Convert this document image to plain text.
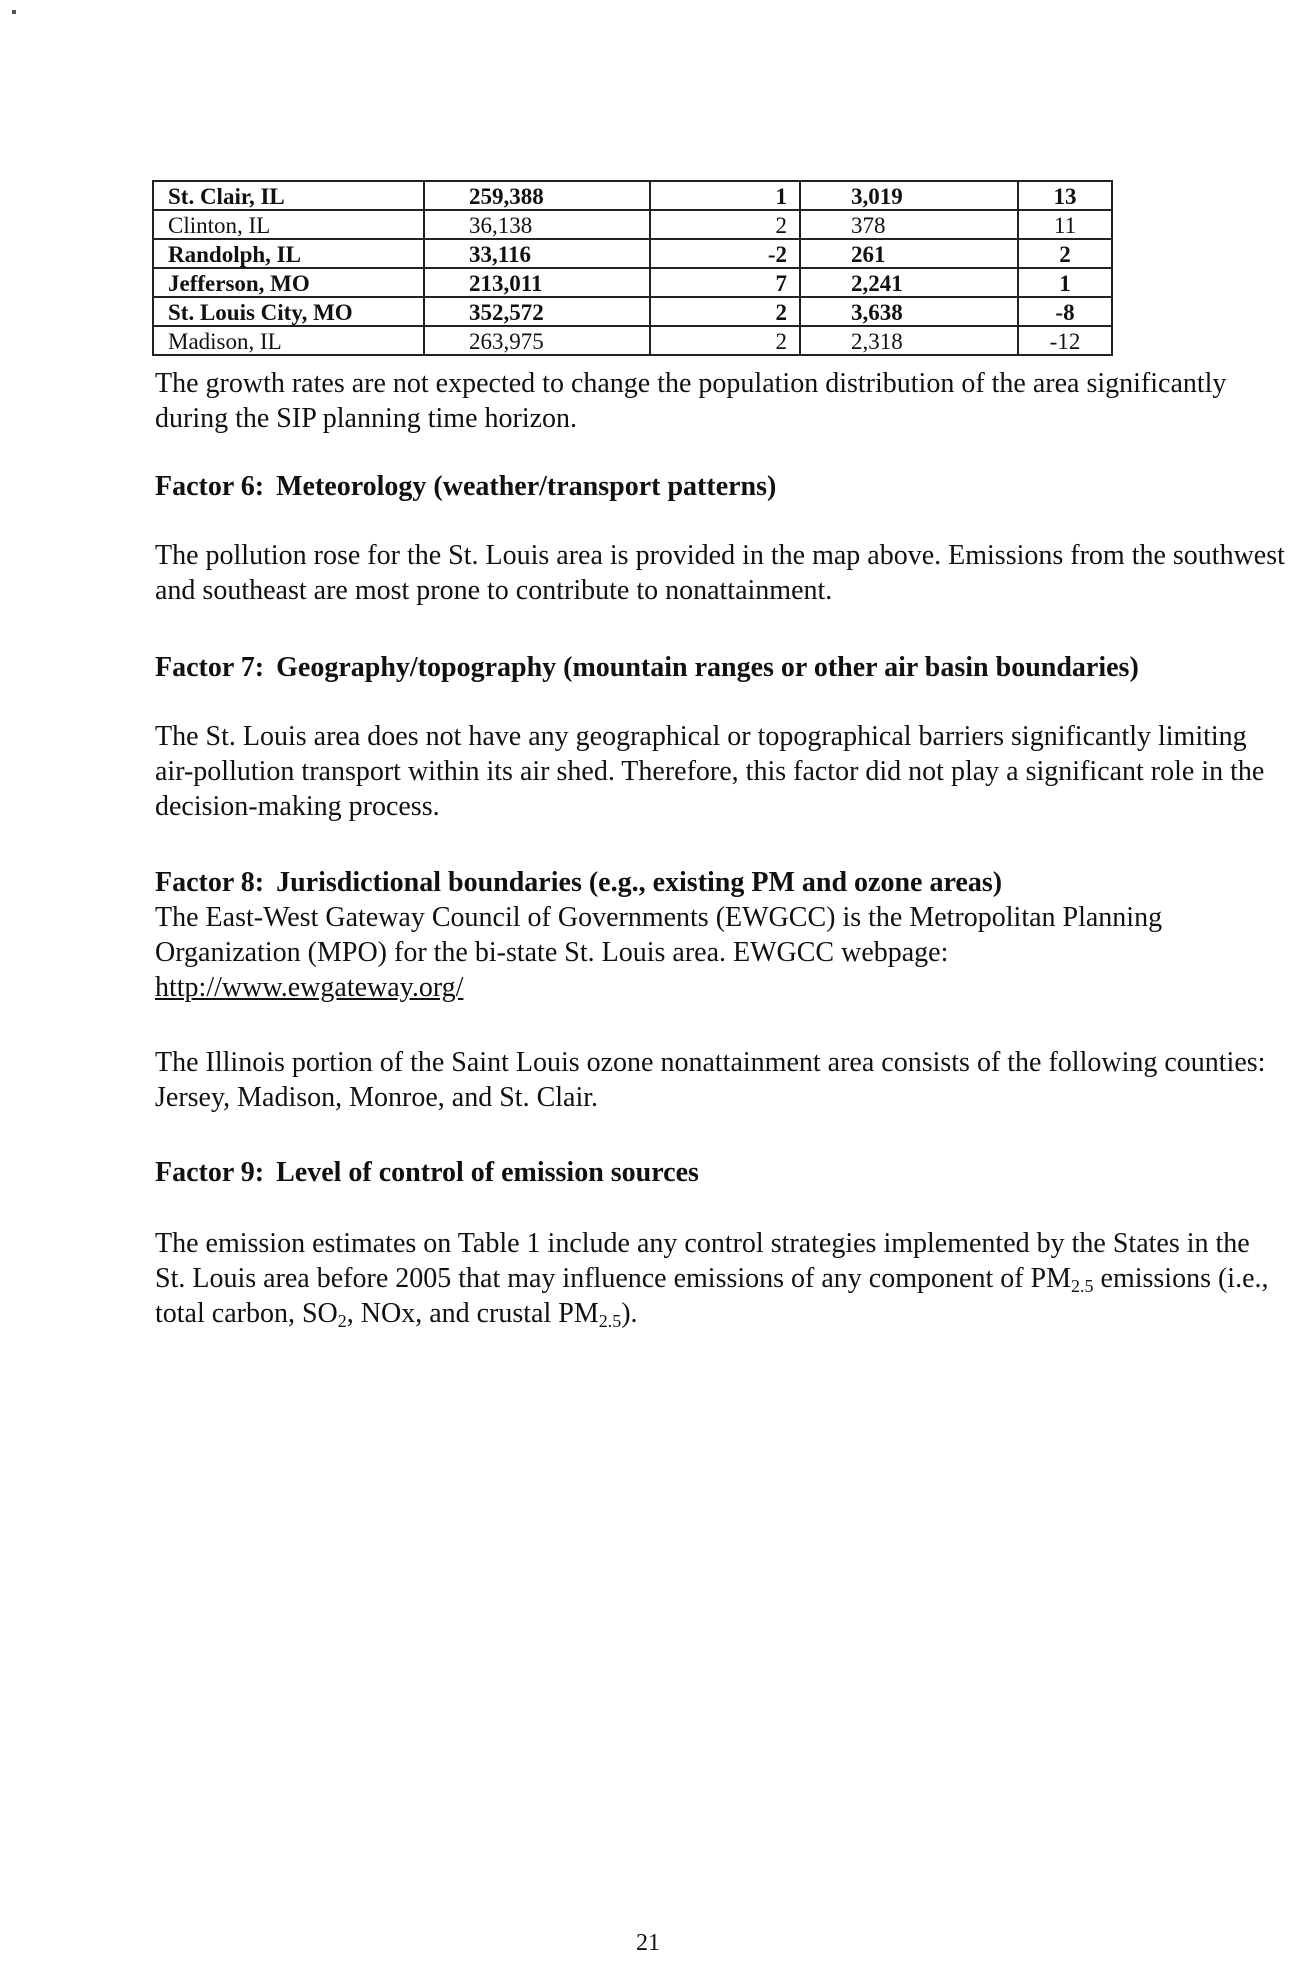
St. Clair, IL	259,388	1	3,019	13
Clinton, IL	36,138	2	378	11
Randolph, IL	33,116	-2	261	2
Jefferson, MO	213,011	7	2,241	1
St. Louis City, MO	352,572	2	3,638	-8
Madison, IL	263,975	2	2,318	-12

The growth rates are not expected to change the population distribution of the area significantly during the SIP planning time horizon.

Factor 6: Meteorology (weather/transport patterns)

The pollution rose for the St. Louis area is provided in the map above. Emissions from the southwest and southeast are most prone to contribute to nonattainment.

Factor 7: Geography/topography (mountain ranges or other air basin boundaries)

The St. Louis area does not have any geographical or topographical barriers significantly limiting air-pollution transport within its air shed. Therefore, this factor did not play a significant role in the decision-making process.

Factor 8: Jurisdictional boundaries (e.g., existing PM and ozone areas)

The East-West Gateway Council of Governments (EWGCC) is the Metropolitan Planning Organization (MPO) for the bi-state St. Louis area. EWGCC webpage:
http://www.ewgateway.org/

The Illinois portion of the Saint Louis ozone nonattainment area consists of the following counties: Jersey, Madison, Monroe, and St. Clair.

Factor 9: Level of control of emission sources

The emission estimates on Table 1 include any control strategies implemented by the States in the St. Louis area before 2005 that may influence emissions of any component of $PM_{2.5}$ emissions (i.e., total carbon, $SO_2$, NOx, and crustal $PM_{2.5}$).

21
